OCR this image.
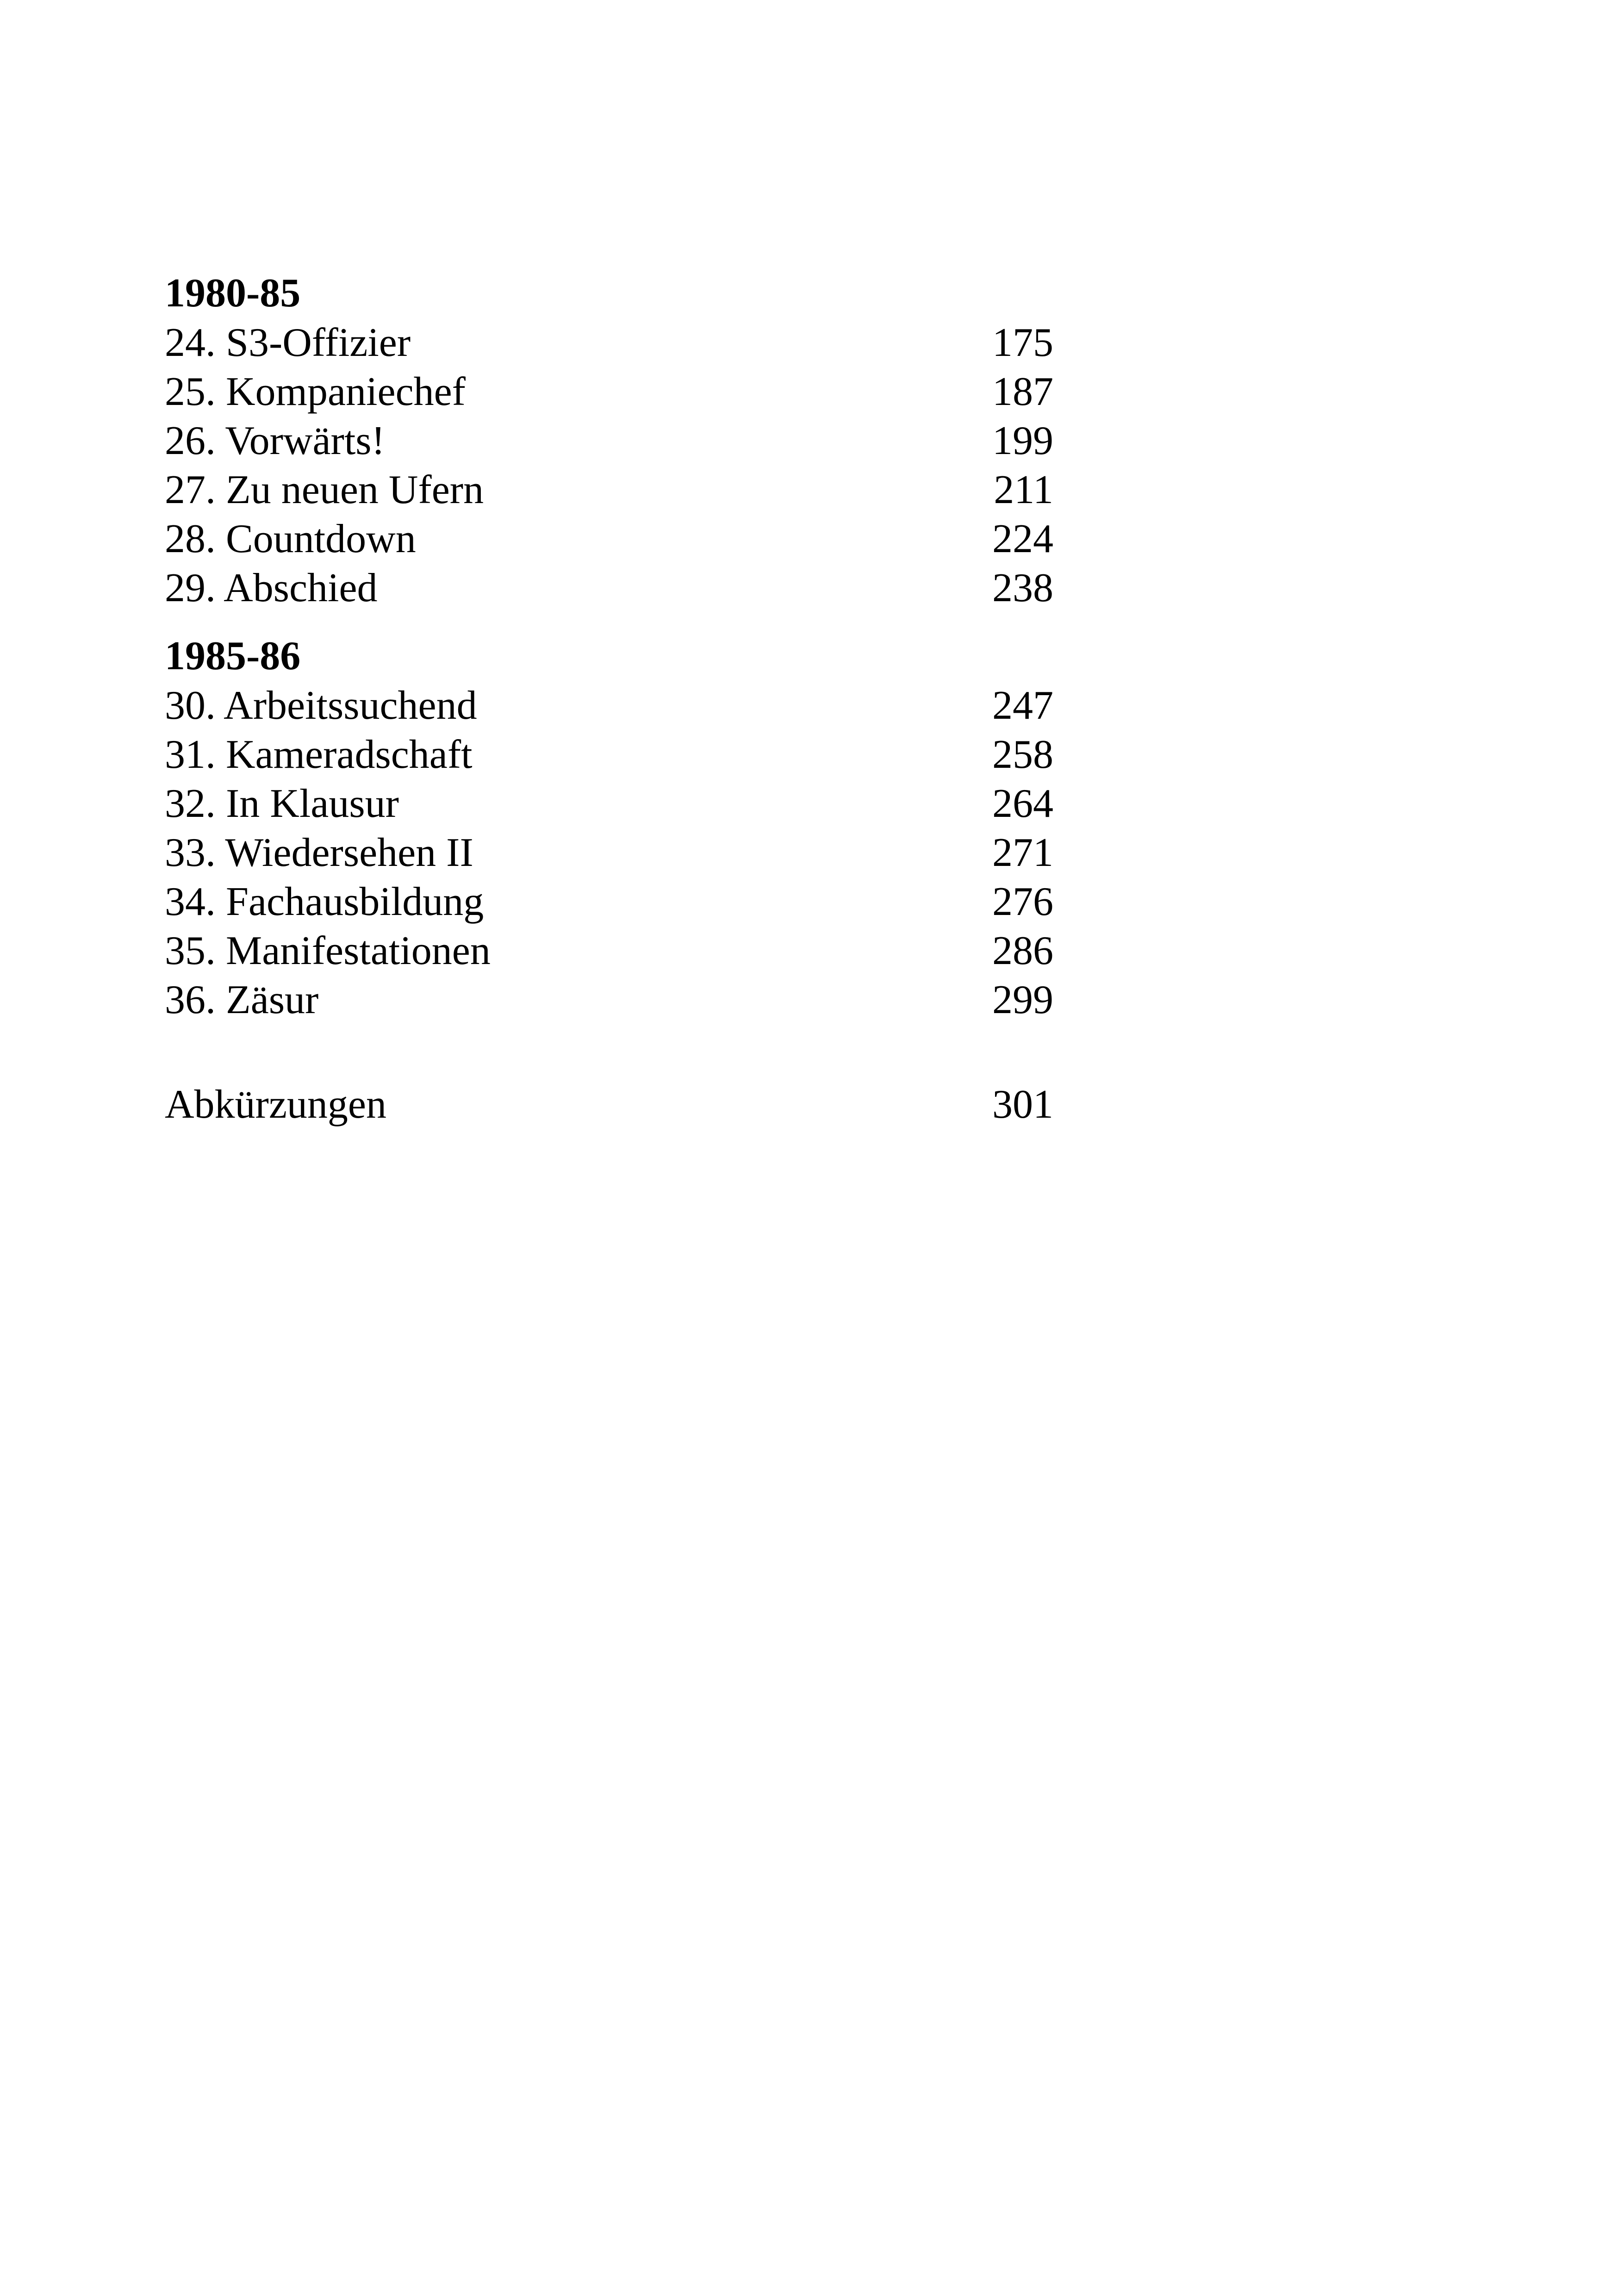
1980-85
24. S3-Offizier	175
25. Kompaniechef	187
26. Vorwärts!	199
27. Zu neuen Ufern	211
28. Countdown	224
29. Abschied	238
1985-86
30. Arbeitssuchend	247
31. Kameradschaft	258
32. In Klausur	264
33. Wiedersehen II	271
34. Fachausbildung	276
35. Manifestationen	286
36. Zäsur	299
Abkürzungen	301
